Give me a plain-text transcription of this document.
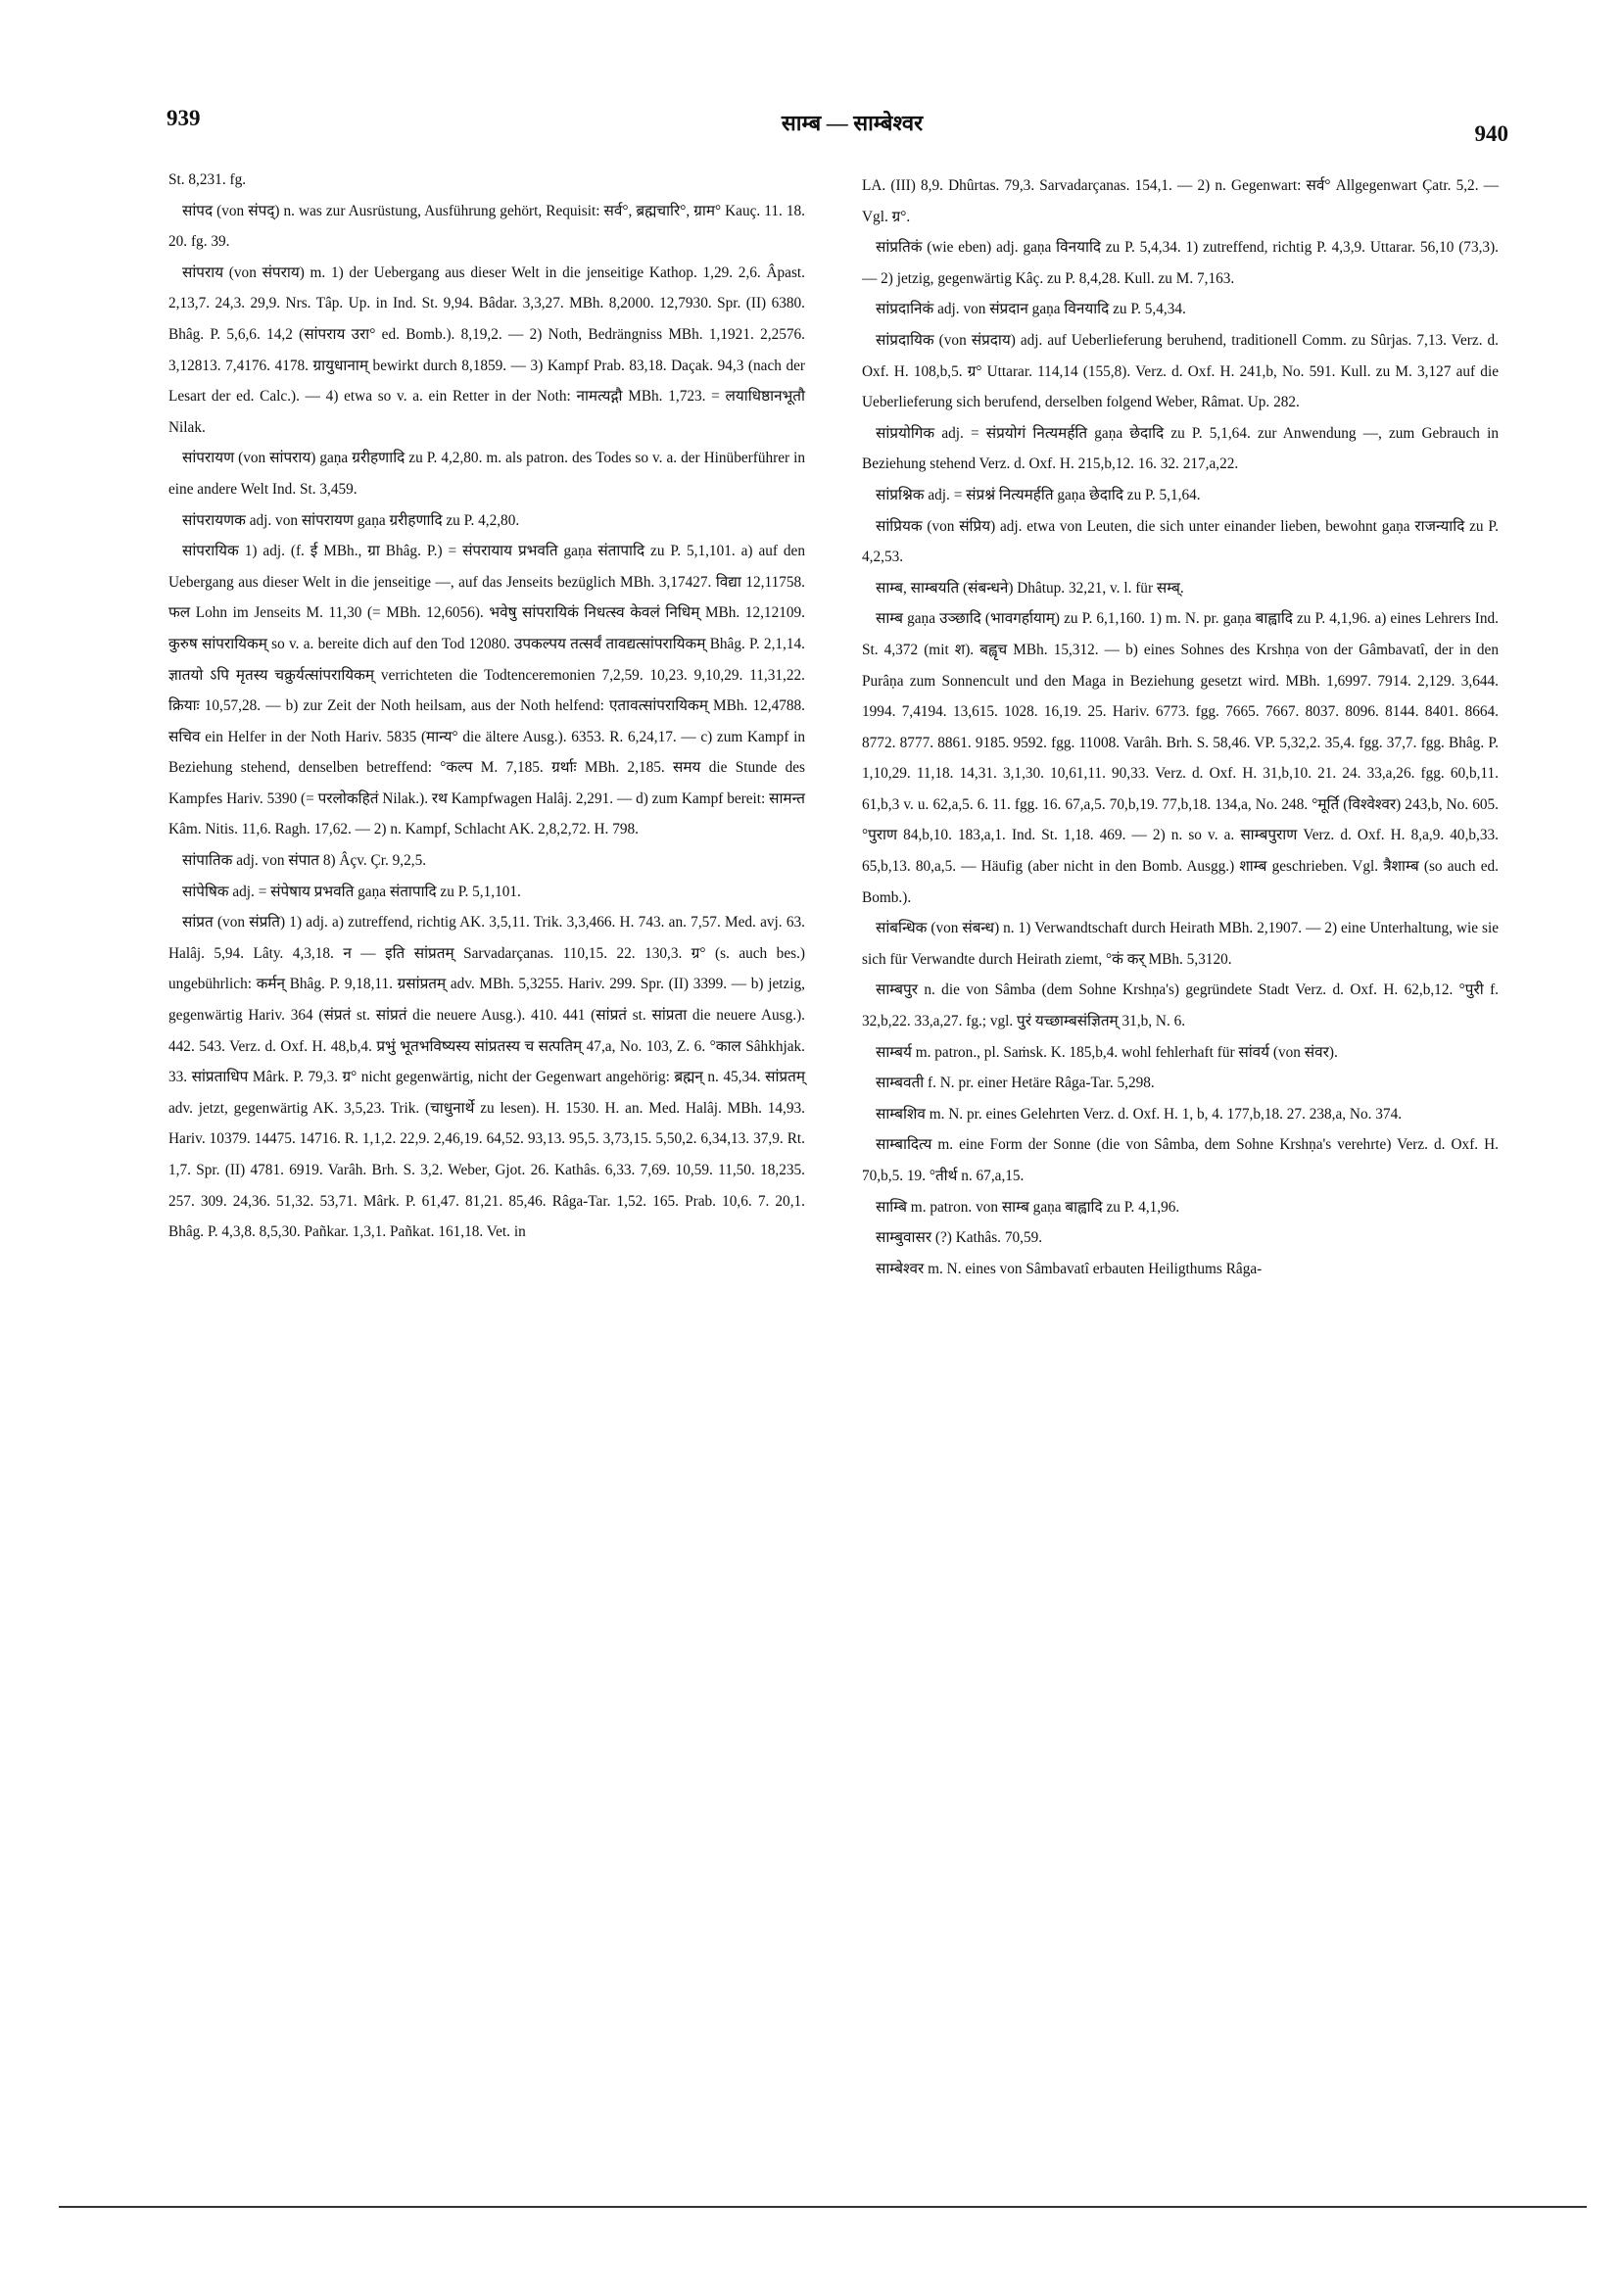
939	साम्ब — साम्बेश्वर	940

St. 8,231. fg.

सांपद (von संपद्) n. was zur Ausrüstung, Ausführung gehört, Requisit: सर्व°, ब्रह्मचारि°, ग्राम° Kauç. 11. 18. 20. fg. 39.

सांपराय (von संपराय) m. 1) der Uebergang aus dieser Welt in die jenseitige Kathop. 1,29. 2,6. Âpast. 2,13,7. 24,3. 29,9. Nrs. Tâp. Up. in Ind. St. 9,94. Bâdar. 3,3,27. MBh. 8,2000. 12,7930. Spr. (II) 6380. Bhâg. P. 5,6,6. 14,2 (सांपराय उरा° ed. Bomb.). 8,19,2. — 2) Noth, Bedrängniss MBh. 1,1921. 2,2576. 3,12813. 7,4176. 4178. ग्रायुधानाम् bewirkt durch 8,1859. — 3) Kampf Prab. 83,18. Daçak. 94,3 (nach der Lesart der ed. Calc.). — 4) etwa so v. a. ein Retter in der Noth: नामत्यद्गौ MBh. 1,723. = लयाधिष्ठानभूतौ Nilak.

सांपरायण (von सांपराय) gaṇa ग्ररीहणादि zu P. 4,2,80. m. als patron. des Todes so v. a. der Hinüberführer in eine andere Welt Ind. St. 3,459.

सांपरायणक adj. von सांपरायण gaṇa ग्ररीहणादि zu P. 4,2,80.

सांपरायिक 1) adj. (f. ई MBh., ग्रा Bhâg. P.) = संपरायाय प्रभवति gaṇa संतापादि zu P. 5,1,101. a) auf den Uebergang aus dieser Welt in die jenseitige —, auf das Jenseits bezüglich MBh. 3,17427. विद्या 12,11758. फल Lohn im Jenseits M. 11,30 (= MBh. 12,6056). भवेषु सांपरायिकं निधत्स्व केवलं निधिम् MBh. 12,12109. कुरुष सांपरायिकम् so v. a. bereite dich auf den Tod 12080. उपकल्पय तत्सर्वं तावद्यत्सांपरायिकम् Bhâg. P. 2,1,14. ज्ञातयो ऽपि मृतस्य चक्रुर्यत्सांपरायिकम् verrichteten die Todtenceremonien 7,2,59. 10,23. 9,10,29. 11,31,22. क्रियाः 10,57,28. — b) zur Zeit der Noth heilsam, aus der Noth helfend: एतावत्सांपरायिकम् MBh. 12,4788. सचिव ein Helfer in der Noth Hariv. 5835 (मान्य° die ältere Ausg.). 6353. R. 6,24,17. — c) zum Kampf in Beziehung stehend, denselben betreffend: °कल्प M. 7,185. ग्रर्थाः MBh. 2,185. समय die Stunde des Kampfes Hariv. 5390 (= परलोकहितं Nilak.). रथ Kampfwagen Halâj. 2,291. — d) zum Kampf bereit: सामन्त Kâm. Nitis. 11,6. Ragh. 17,62. — 2) n. Kampf, Schlacht AK. 2,8,2,72. H. 798.

सांपातिक adj. von संपात 8) Âçv. Çr. 9,2,5.

सांपेषिक adj. = संपेषाय प्रभवति gaṇa संतापादि zu P. 5,1,101.

सांप्रत (von संप्रति) 1) adj. a) zutreffend, richtig AK. 3,5,11. Trik. 3,3,466. H. 743. an. 7,57. Med. avj. 63. Halâj. 5,94. Lâty. 4,3,18. न — इति सांप्रतम् Sarvadarçanas. 110,15. 22. 130,3. ग्र° (s. auch bes.) ungebührlich: कर्मन् Bhâg. P. 9,18,11. ग्रसांप्रतम् adv. MBh. 5,3255. Hariv. 299. Spr. (II) 3399. — b) jetzig, gegenwärtig Hariv. 364 (संप्रतं st. सांप्रतं die neuere Ausg.). 410. 441 (सांप्रतं st. सांप्रता die neuere Ausg.). 442. 543. Verz. d. Oxf. H. 48,b,4. प्रभुं भूतभविष्यस्य सांप्रतस्य च सत्पतिम् 47,a, No. 103, Z. 6. °काल Sâhkhjak. 33. सांप्रताधिप Mârk. P. 79,3. ग्र° nicht gegenwärtig, nicht der Gegenwart angehörig: ब्रह्मन् n. 45,34. सांप्रतम् adv. jetzt, gegenwärtig AK. 3,5,23. Trik. (चाधुनार्थे zu lesen). H. 1530. H. an. Med. Halâj. MBh. 14,93. Hariv. 10379. 14475. 14716. R. 1,1,2. 22,9. 2,46,19. 64,52. 93,13. 95,5. 3,73,15. 5,50,2. 6,34,13. 37,9. Rt. 1,7. Spr. (II) 4781. 6919. Varâh. Brh. S. 3,2. Weber, Gjot. 26. Kathâs. 6,33. 7,69. 10,59. 11,50. 18,235. 257. 309. 24,36. 51,32. 53,71. Mârk. P. 61,47. 81,21. 85,46. Râga-Tar. 1,52. 165. Prab. 10,6. 7. 20,1. Bhâg. P. 4,3,8. 8,5,30. Pañkar. 1,3,1. Pañkat. 161,18. Vet. in

LA. (III) 8,9. Dhûrtas. 79,3. Sarvadarçanas. 154,1. — 2) n. Gegenwart: सर्व° Allgegenwart Çatr. 5,2. — Vgl. ग्र°.

सांप्रतिकं (wie eben) adj. gaṇa विनयादि zu P. 5,4,34. 1) zutreffend, richtig P. 4,3,9. Uttarar. 56,10 (73,3). — 2) jetzig, gegenwärtig Kâç. zu P. 8,4,28. Kull. zu M. 7,163.

सांप्रदानिकं adj. von संप्रदान gaṇa विनयादि zu P. 5,4,34.

सांप्रदायिक (von संप्रदाय) adj. auf Ueberlieferung beruhend, traditionell Comm. zu Sûrjas. 7,13. Verz. d. Oxf. H. 108,b,5. ग्र° Uttarar. 114,14 (155,8). Verz. d. Oxf. H. 241,b, No. 591. Kull. zu M. 3,127 auf die Ueberlieferung sich berufend, derselben folgend Weber, Râmat. Up. 282.

सांप्रयोगिक adj. = संप्रयोगं नित्यमर्हति gaṇa छेदादि zu P. 5,1,64. zur Anwendung —, zum Gebrauch in Beziehung stehend Verz. d. Oxf. H. 215,b,12. 16. 32. 217,a,22.

सांप्रश्निक adj. = संप्रश्नं नित्यमर्हति gaṇa छेदादि zu P. 5,1,64.

सांप्रियक (von संप्रिय) adj. etwa von Leuten, die sich unter einander lieben, bewohnt gaṇa राजन्यादि zu P. 4,2,53.

साम्ब, साम्बयति (संबन्धने) Dhâtup. 32,21, v. l. für सम्ब्.

साम्ब gaṇa उञ्छादि (भावगर्हायाम्) zu P. 6,1,160. 1) m. N. pr. gaṇa बाह्वादि zu P. 4,1,96. a) eines Lehrers Ind. St. 4,372 (mit श). बह्वृच MBh. 15,312. — b) eines Sohnes des Krshṇa von der Gâmbavatî, der in den Purâṇa zum Sonnencult und den Maga in Beziehung gesetzt wird. MBh. 1,6997. 7914. 2,129. 3,644. 1994. 7,4194. 13,615. 1028. 16,19. 25. Hariv. 6773. fgg. 7665. 7667. 8037. 8096. 8144. 8401. 8664. 8772. 8777. 8861. 9185. 9592. fgg. 11008. Varâh. Brh. S. 58,46. VP. 5,32,2. 35,4. fgg. 37,7. fgg. Bhâg. P. 1,10,29. 11,18. 14,31. 3,1,30. 10,61,11. 90,33. Verz. d. Oxf. H. 31,b,10. 21. 24. 33,a,26. fgg. 60,b,11. 61,b,3 v. u. 62,a,5. 6. 11. fgg. 16. 67,a,5. 70,b,19. 77,b,18. 134,a, No. 248. °मूर्ति (विश्वेश्वर) 243,b, No. 605. °पुराण 84,b,10. 183,a,1. Ind. St. 1,18. 469. — 2) n. so v. a. साम्बपुराण Verz. d. Oxf. H. 8,a,9. 40,b,33. 65,b,13. 80,a,5. — Häufig (aber nicht in den Bomb. Ausgg.) शाम्ब geschrieben. Vgl. त्रैशाम्ब (so auch ed. Bomb.).

सांबन्धिक (von संबन्ध) n. 1) Verwandtschaft durch Heirath MBh. 2,1907. — 2) eine Unterhaltung, wie sie sich für Verwandte durch Heirath ziemt, °कं कर् MBh. 5,3120.

साम्बपुर n. die von Sâmba (dem Sohne Krshṇa's) gegründete Stadt Verz. d. Oxf. H. 62,b,12. °पुरी f. 32,b,22. 33,a,27. fg.; vgl. पुरं यच्छाम्बसंज्ञितम् 31,b, N. 6.

साम्बर्य m. patron., pl. Saṁsk. K. 185,b,4. wohl fehlerhaft für सांवर्य (von संवर).

साम्बवती f. N. pr. einer Hetäre Râga-Tar. 5,298.

साम्बशिव m. N. pr. eines Gelehrten Verz. d. Oxf. H. 1, b, 4. 177,b,18. 27. 238,a, No. 374.

साम्बादित्य m. eine Form der Sonne (die von Sâmba, dem Sohne Krshṇa's verehrte) Verz. d. Oxf. H. 70,b,5. 19. °तीर्थ n. 67,a,15.

साम्बि m. patron. von साम्ब gaṇa बाह्वादि zu P. 4,1,96.

साम्बुवासर (?) Kathâs. 70,59.

साम्बेश्वर m. N. eines von Sâmbavatî erbauten Heiligthums Râga-
